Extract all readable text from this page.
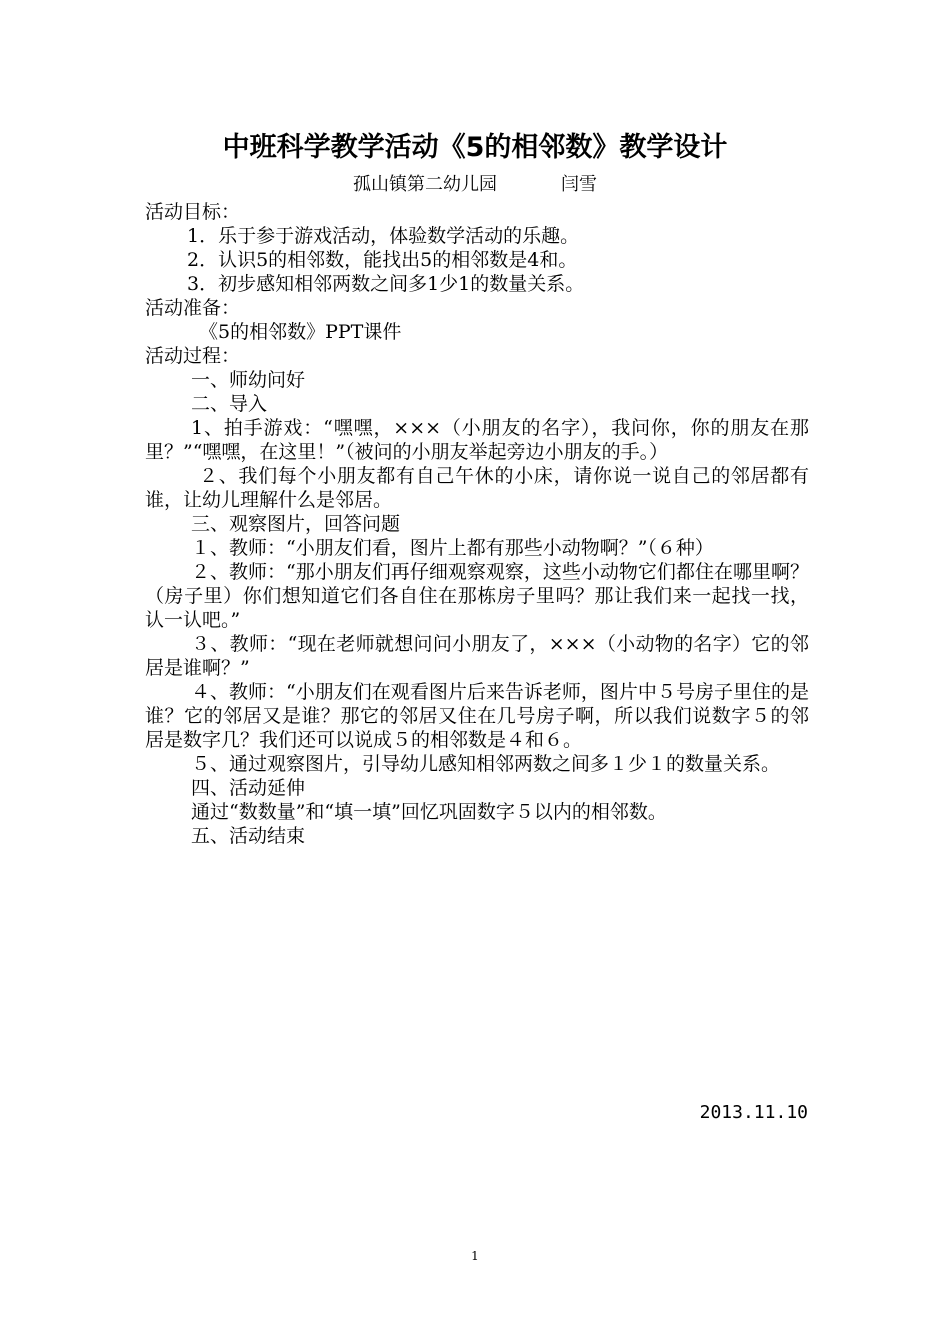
中班科学教学活动《5的相邻数》教学设计
孤山镇第二幼儿园	闫雪

活动目标：

1．乐于参于游戏活动，体验数学活动的乐趣。

2．认识5的相邻数，能找出5的相邻数是4和。

3．初步感知相邻两数之间多1少1的数量关系。

活动准备：

《5的相邻数》PPT课件

活动过程：

一、师幼问好

二、导入

1、拍手游戏：“嘿嘿，×××（小朋友的名字），我问你，你的朋友在那里？”“嘿嘿，在这里！”（被问的小朋友举起旁边小朋友的手。）

２、我们每个小朋友都有自己午休的小床，请你说一说自己的邻居都有谁，让幼儿理解什么是邻居。

三、观察图片，回答问题

１、教师：“小朋友们看，图片上都有那些小动物啊？”（６种）

２、教师：“那小朋友们再仔细观察观察，这些小动物它们都住在哪里啊？（房子里）你们想知道它们各自住在那栋房子里吗？那让我们来一起找一找，认一认吧。”

３、教师：“现在老师就想问问小朋友了，×××（小动物的名字）它的邻居是谁啊？”

４、教师：“小朋友们在观看图片后来告诉老师，图片中５号房子里住的是谁？它的邻居又是谁？那它的邻居又住在几号房子啊，所以我们说数字５的邻居是数字几？我们还可以说成５的相邻数是４和６。

５、通过观察图片，引导幼儿感知相邻两数之间多１少１的数量关系。

四、活动延伸

通过“数数量”和“填一填”回忆巩固数字５以内的相邻数。

五、活动结束

2013.11.10
1
